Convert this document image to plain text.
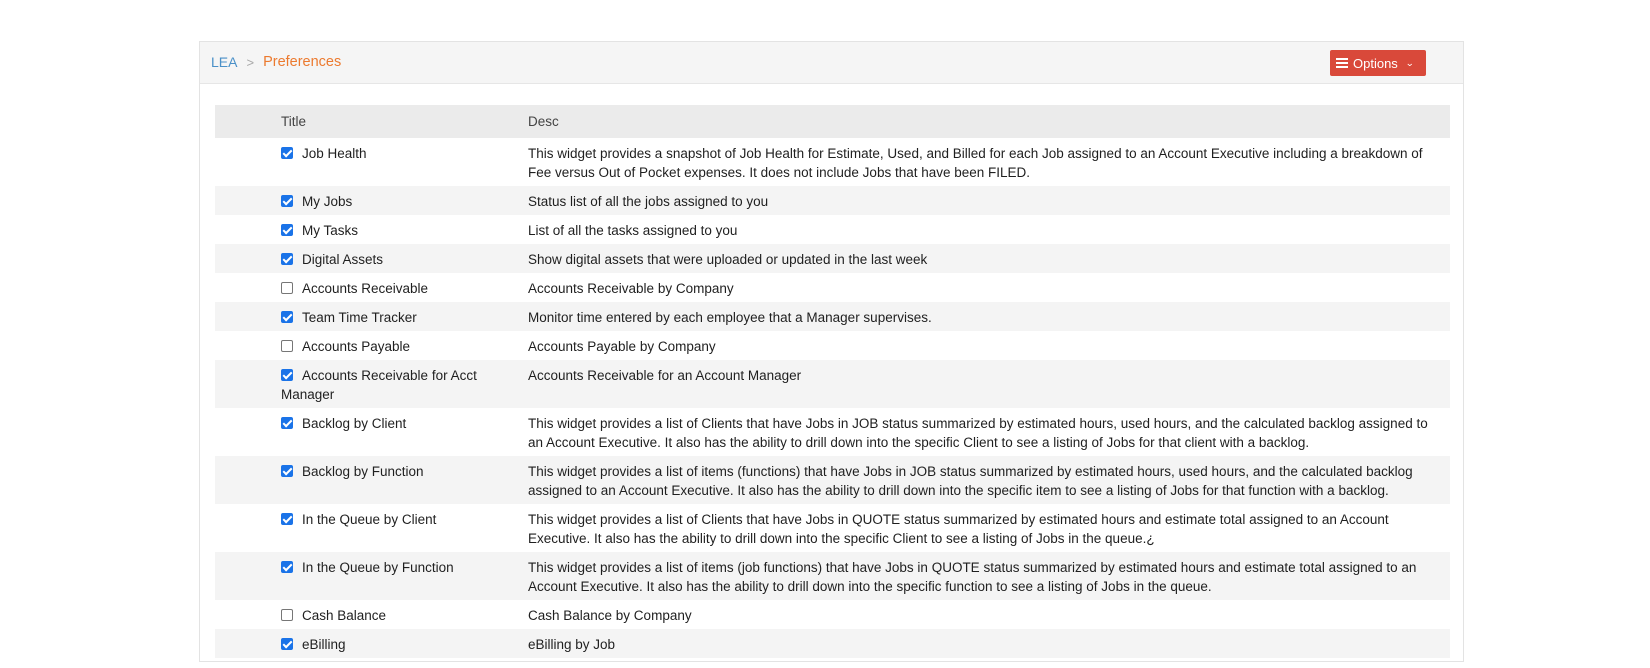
LEA > Preferences	Options ⌄
Title	Desc
Job Health	This widget provides a snapshot of Job Health for Estimate, Used, and Billed for each Job assigned to an Account Executive including a breakdown of Fee versus Out of Pocket expenses. It does not include Jobs that have been FILED.
My Jobs	Status list of all the jobs assigned to you
My Tasks	List of all the tasks assigned to you
Digital Assets	Show digital assets that were uploaded or updated in the last week
Accounts Receivable	Accounts Receivable by Company
Team Time Tracker	Monitor time entered by each employee that a Manager supervises.
Accounts Payable	Accounts Payable by Company
Accounts Receivable for Acct Manager	Accounts Receivable for an Account Manager
Backlog by Client	This widget provides a list of Clients that have Jobs in JOB status summarized by estimated hours, used hours, and the calculated backlog assigned to an Account Executive. It also has the ability to drill down into the specific Client to see a listing of Jobs for that client with a backlog.
Backlog by Function	This widget provides a list of items (functions) that have Jobs in JOB status summarized by estimated hours, used hours, and the calculated backlog assigned to an Account Executive. It also has the ability to drill down into the specific item to see a listing of Jobs for that function with a backlog.
In the Queue by Client	This widget provides a list of Clients that have Jobs in QUOTE status summarized by estimated hours and estimate total assigned to an Account Executive. It also has the ability to drill down into the specific Client to see a listing of Jobs in the queue.¿
In the Queue by Function	This widget provides a list of items (job functions) that have Jobs in QUOTE status summarized by estimated hours and estimate total assigned to an Account Executive. It also has the ability to drill down into the specific function to see a listing of Jobs in the queue.
Cash Balance	Cash Balance by Company
eBilling	eBilling by Job
